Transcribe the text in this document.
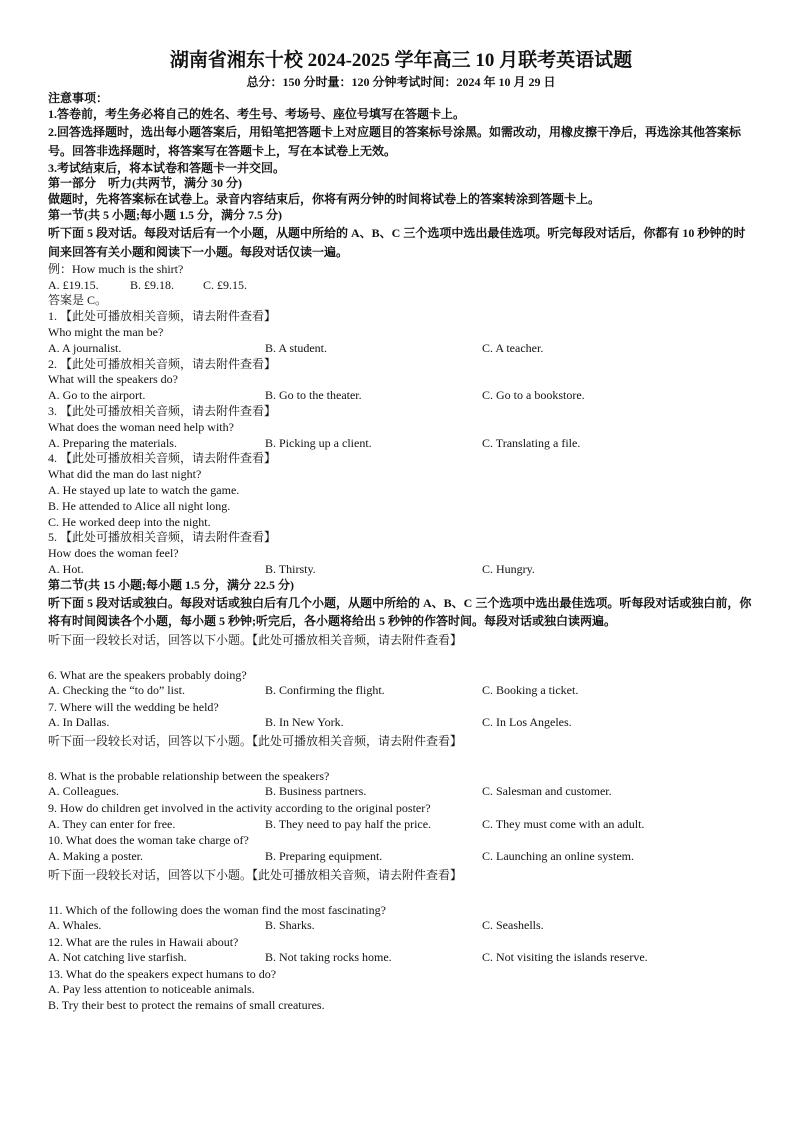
湖南省湘东十校 2024-2025 学年高三 10 月联考英语试题
总分：150 分时量：120 分钟考试时间：2024 年 10 月 29 日
注意事项：
1.答卷前，考生务必将自己的姓名、考生号、考场号、座位号填写在答题卡上。
2.回答选择题时，选出每小题答案后，用铅笔把答题卡上对应题目的答案标号涂黑。如需改动，用橡皮擦干净后，再选涂其他答案标号。回答非选择题时，将答案写在答题卡上，写在本试卷上无效。
3.考试结束后，将本试卷和答题卡一并交回。
第一部分　听力(共两节，满分 30 分)
做题时，先将答案标在试卷上。录音内容结束后，你将有两分钟的时间将试卷上的答案转涂到答题卡上。
第一节(共 5 小题;每小题 1.5 分，满分 7.5 分)
听下面 5 段对话。每段对话后有一个小题，从题中所给的 A、B、C 三个选项中选出最佳选项。听完每段对话后，你都有 10 秒钟的时间来回答有关小题和阅读下一小题。每段对话仅读一遍。
例：How much is the shirt?
A. £19.15.	B. £9.18.	C. £9.15.
答案是 C。
1. 【此处可播放相关音频，请去附件查看】
Who might the man be?
A. A journalist.	B. A student.	C. A teacher.
2. 【此处可播放相关音频，请去附件查看】
What will the speakers do?
A. Go to the airport.	B. Go to the theater.	C. Go to a bookstore.
3. 【此处可播放相关音频，请去附件查看】
What does the woman need help with?
A. Preparing the materials.	B. Picking up a client.	C. Translating a file.
4. 【此处可播放相关音频，请去附件查看】
What did the man do last night?
A. He stayed up late to watch the game.
B. He attended to Alice all night long.
C. He worked deep into the night.
5. 【此处可播放相关音频，请去附件查看】
How does the woman feel?
A. Hot.	B. Thirsty.	C. Hungry.
第二节(共 15 小题;每小题 1.5 分，满分 22.5 分)
听下面 5 段对话或独白。每段对话或独白后有几个小题，从题中所给的 A、B、C 三个选项中选出最佳选项。听每段对话或独白前，你将有时间阅读各个小题，每小题 5 秒钟;听完后，各小题将给出 5 秒钟的作答时间。每段对话或独白读两遍。
听下面一段较长对话，回答以下小题。【此处可播放相关音频，请去附件查看】
6. What are the speakers probably doing?
A. Checking the “to do” list.	B. Confirming the flight.	C. Booking a ticket.
7. Where will the wedding be held?
A. In Dallas.	B. In New York.	C. In Los Angeles.
听下面一段较长对话，回答以下小题。【此处可播放相关音频，请去附件查看】
8. What is the probable relationship between the speakers?
A. Colleagues.	B. Business partners.	C. Salesman and customer.
9. How do children get involved in the activity according to the original poster?
A. They can enter for free.	B. They need to pay half the price.	C. They must come with an adult.
10. What does the woman take charge of?
A. Making a poster.	B. Preparing equipment.	C. Launching an online system.
听下面一段较长对话，回答以下小题。【此处可播放相关音频，请去附件查看】
11. Which of the following does the woman find the most fascinating?
A. Whales.	B. Sharks.	C. Seashells.
12. What are the rules in Hawaii about?
A. Not catching live starfish.	B. Not taking rocks home.	C. Not visiting the islands reserve.
13. What do the speakers expect humans to do?
A. Pay less attention to noticeable animals.
B. Try their best to protect the remains of small creatures.
